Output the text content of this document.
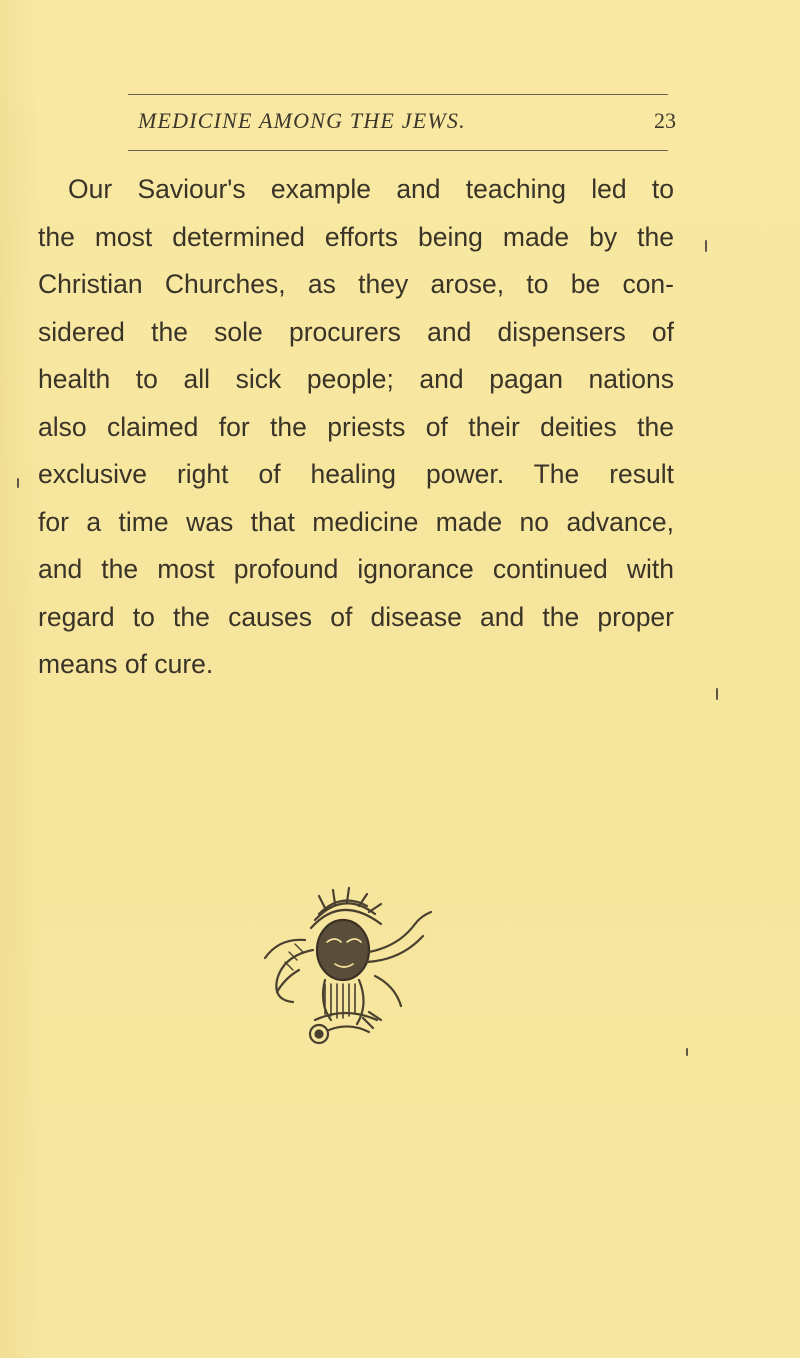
MEDICINE AMONG THE JEWS.	23
Our Saviour's example and teaching led to
the most determined efforts being made by the
Christian Churches, as they arose, to be con-
sidered the sole procurers and dispensers of
health to all sick people; and pagan nations
also claimed for the priests of their deities the
exclusive right of healing power. The result
for a time was that medicine made no advance,
and the most profound ignorance continued with
regard to the causes of disease and the proper
means of cure.
